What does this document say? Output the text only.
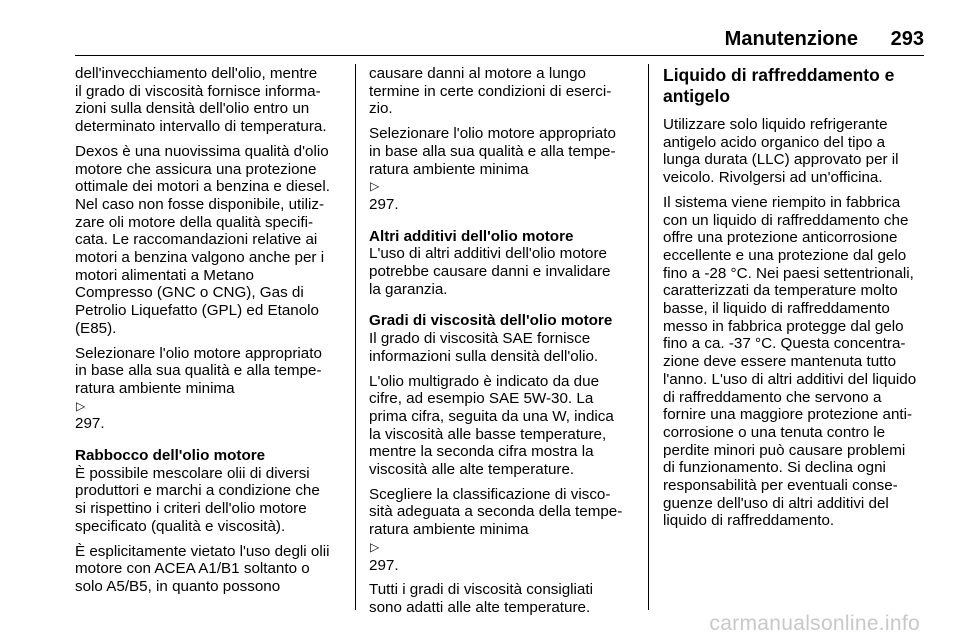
Manutenzione 293
dell'invecchiamento dell'olio, mentre
il grado di viscosità fornisce informa-
zioni sulla densità dell'olio entro un
determinato intervallo di temperatura.
Dexos è una nuovissima qualità d'olio
motore che assicura una protezione
ottimale dei motori a benzina e diesel.
Nel caso non fosse disponibile, utiliz-
zare oli motore della qualità specifi-
cata. Le raccomandazioni relative ai
motori a benzina valgono anche per i
motori alimentati a Metano
Compresso (GNC o CNG), Gas di
Petrolio Liquefatto (GPL) ed Etanolo
(E85).
Selezionare l'olio motore appropriato
in base alla sua qualità e alla tempe-
ratura ambiente minima
▷
297.
Rabbocco dell'olio motore
È possibile mescolare olii di diversi
produttori e marchi a condizione che
si rispettino i criteri dell'olio motore
specificato (qualità e viscosità).
È esplicitamente vietato l'uso degli olii
motore con ACEA A1/B1 soltanto o
solo A5/B5, in quanto possono
causare danni al motore a lungo
termine in certe condizioni di eserci-
zio.
Selezionare l'olio motore appropriato
in base alla sua qualità e alla tempe-
ratura ambiente minima
▷
297.
Altri additivi dell'olio motore
L'uso di altri additivi dell'olio motore
potrebbe causare danni e invalidare
la garanzia.
Gradi di viscosità dell'olio motore
Il grado di viscosità SAE fornisce
informazioni sulla densità dell'olio.
L'olio multigrado è indicato da due
cifre, ad esempio SAE 5W-30. La
prima cifra, seguita da una W, indica
la viscosità alle basse temperature,
mentre la seconda cifra mostra la
viscosità alle alte temperature.
Scegliere la classificazione di visco-
sità adeguata a seconda della tempe-
ratura ambiente minima
▷
297.
Tutti i gradi di viscosità consigliati
sono adatti alle alte temperature.
Liquido di raffreddamento e
antigelo
Utilizzare solo liquido refrigerante
antigelo acido organico del tipo a
lunga durata (LLC) approvato per il
veicolo. Rivolgersi ad un'officina.
Il sistema viene riempito in fabbrica
con un liquido di raffreddamento che
offre una protezione anticorrosione
eccellente e una protezione dal gelo
fino a -28 °C. Nei paesi settentrionali,
caratterizzati da temperature molto
basse, il liquido di raffreddamento
messo in fabbrica protegge dal gelo
fino a ca. -37 °C. Questa concentra-
zione deve essere mantenuta tutto
l'anno. L'uso di altri additivi del liquido
di raffreddamento che servono a
fornire una maggiore protezione anti-
corrosione o una tenuta contro le
perdite minori può causare problemi
di funzionamento. Si declina ogni
responsabilità per eventuali conse-
guenze dell'uso di altri additivi del
liquido di raffreddamento.
carmanualsonline.info
